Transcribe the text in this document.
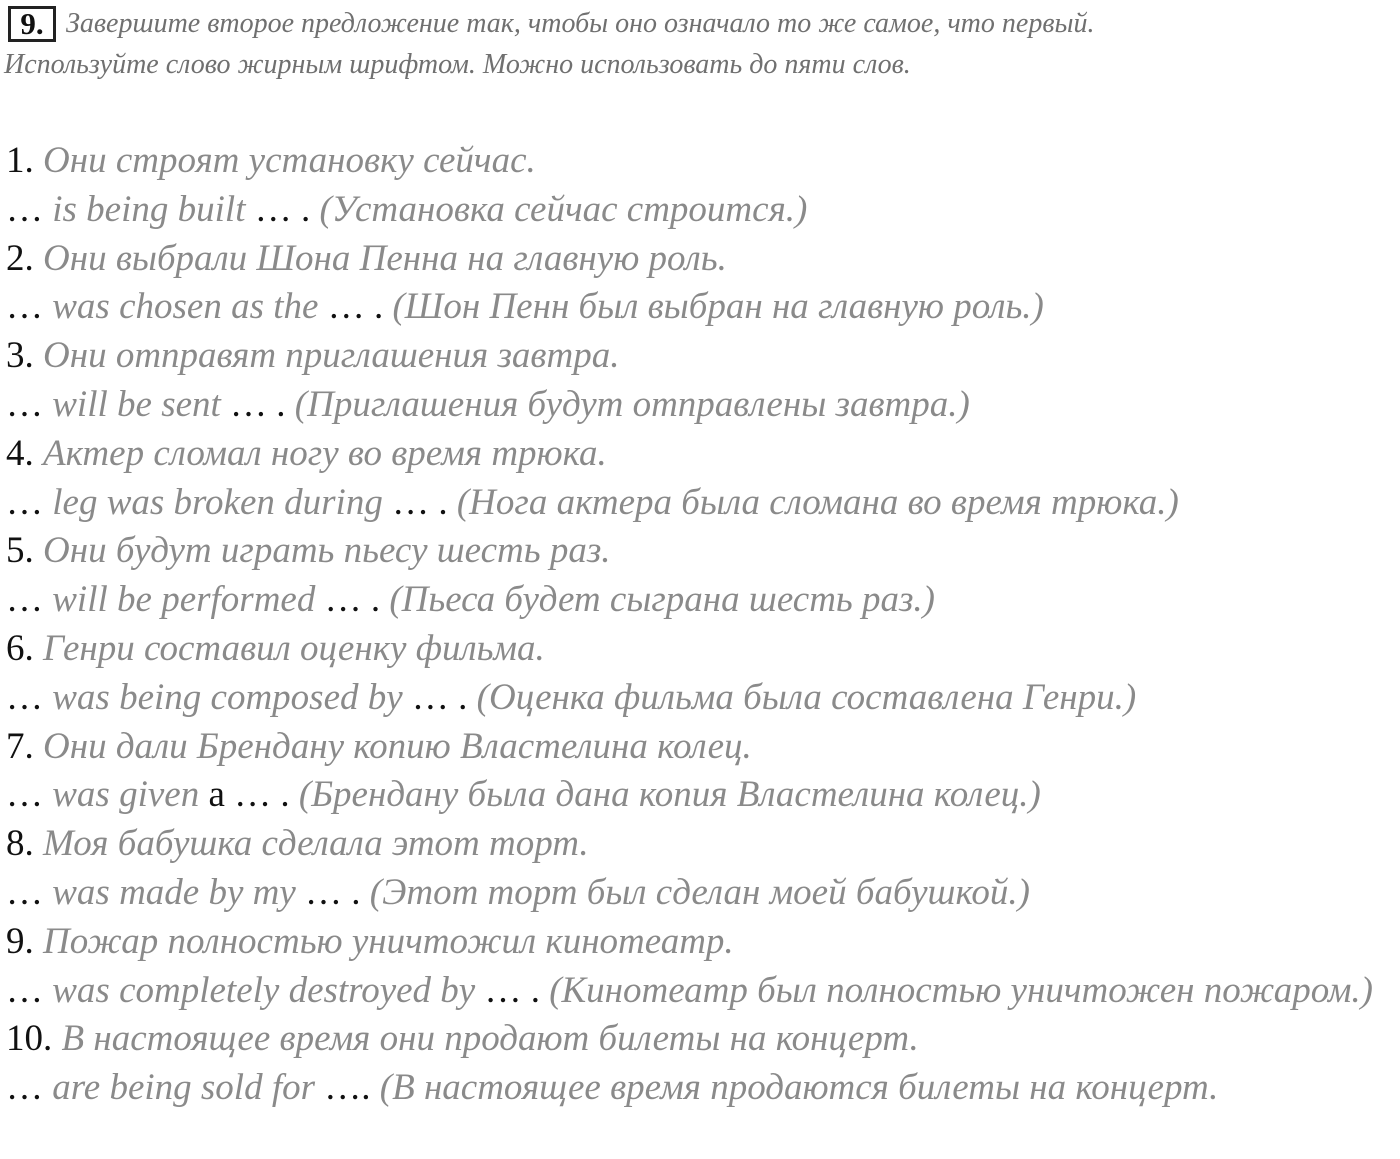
9. Завершите второе предложение так, чтобы оно означало то же самое, что первый.
Используйте слово жирным шрифтом. Можно использовать до пяти слов.
1. Они строят установку сейчас.
… is being built … . (Установка сейчас строится.)
2. Они выбрали Шона Пенна на главную роль.
… was chosen as the … . (Шон Пенн был выбран на главную роль.)
3. Они отправят приглашения завтра.
… will be sent … . (Приглашения будут отправлены завтра.)
4. Актер сломал ногу во время трюка.
… leg was broken during … . (Нога актера была сломана во время трюка.)
5. Они будут играть пьесу шесть раз.
… will be performed … . (Пьеса будет сыграна шесть раз.)
6. Генри составил оценку фильма.
… was being composed by … . (Оценка фильма была составлена Генри.)
7. Они дали Брендану копию Властелина колец.
… was given a … . (Брендану была дана копия Властелина колец.)
8. Моя бабушка сделала этот торт.
… was made by my … . (Этот торт был сделан моей бабушкой.)
9. Пожар полностью уничтожил кинотеатр.
… was completely destroyed by … . (Кинотеатр был полностью уничтожен пожаром.)
10. В настоящее время они продают билеты на концерт.
… are being sold for …. (В настоящее время продаются билеты на концерт.
